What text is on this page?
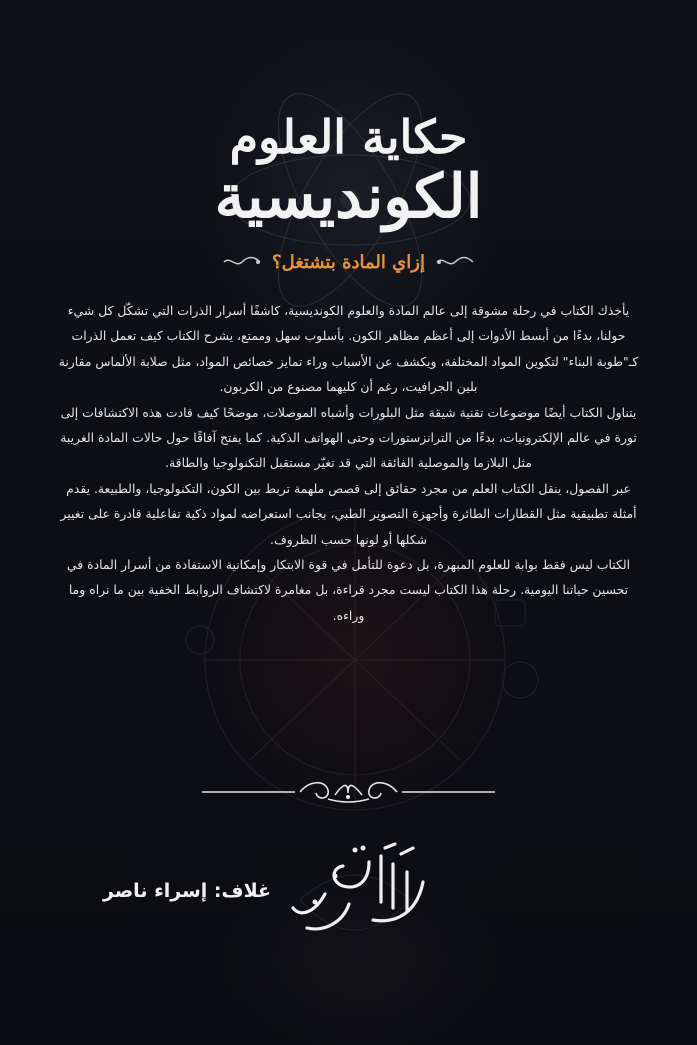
حكاية العلوم
الكونديسية
إزاي المادة بتشتغل؟

يأخذك الكتاب في رحلة مشوقة إلى عالم المادة والعلوم الكونديسية، كاشفًا أسرار الذرات التي تشكّل كل شيء حولنا، بدءًا من أبسط الأدوات إلى أعظم مظاهر الكون. بأسلوب سهل وممتع، يشرح الكتاب كيف تعمل الذرات كـ"طوبة البناء" لتكوين المواد المختلفة، ويكشف عن الأسباب وراء تمايز خصائص المواد، مثل صلابة الألماس مقارنة بلين الجرافيت، رغم أن كليهما مصنوع من الكربون.

يتناول الكتاب أيضًا موضوعات تقنية شيقة مثل البلورات وأشباه الموصلات، موضحًا كيف قادت هذه الاكتشافات إلى ثورة في عالم الإلكترونيات، بدءًا من الترانزستورات وحتى الهواتف الذكية. كما يفتح آفاقًا حول حالات المادة الغريبة مثل البلازما والموصلية الفائقة التي قد تغيّر مستقبل التكنولوجيا والطاقة.

عبر الفصول، ينقل الكتاب العلم من مجرد حقائق إلى قصص ملهمة تربط بين الكون، التكنولوجيا، والطبيعة. يقدم أمثلة تطبيقية مثل القطارات الطائرة وأجهزة التصوير الطبي، بجانب استعراضه لمواد ذكية تفاعلية قادرة على تغيير شكلها أو لونها حسب الظروف.

الكتاب ليس فقط بوابة للعلوم المبهرة، بل دعوة للتأمل في قوة الابتكار وإمكانية الاستفادة من أسرار المادة في تحسين حياتنا اليومية. رحلة هذا الكتاب ليست مجرد قراءة، بل مغامرة لاكتشاف الروابط الخفية بين ما نراه وما وراءه.

غلاف: إسراء ناصر
